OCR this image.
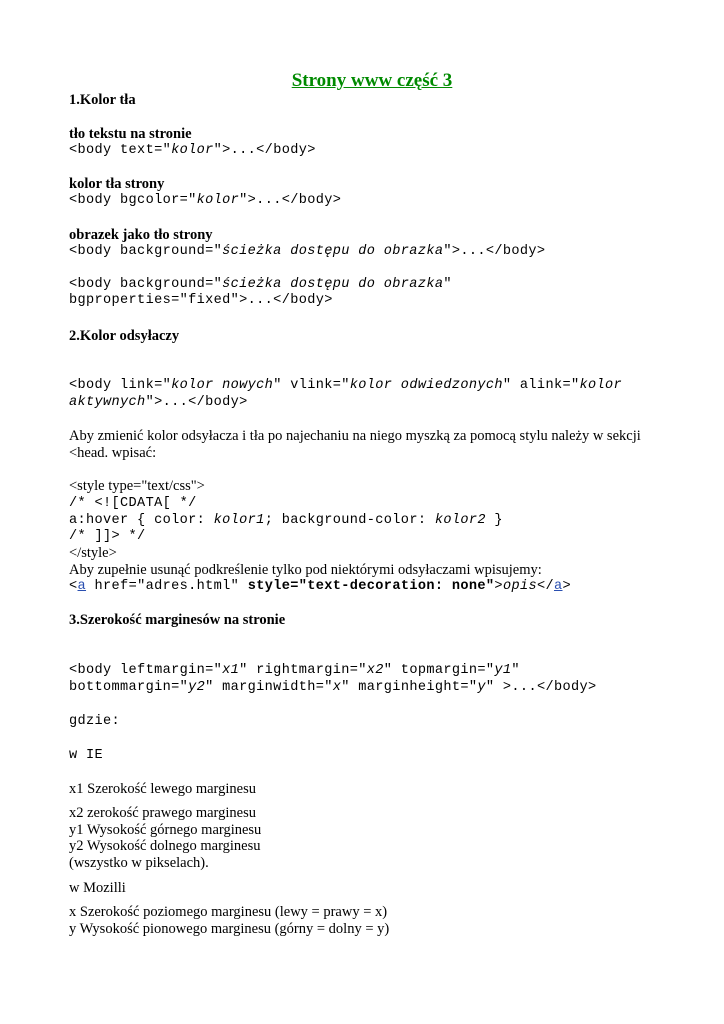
Strony www część 3
1.Kolor tła
tło tekstu na stronie
<body text="kolor">...</body>
kolor tła strony
<body bgcolor="kolor">...</body>
obrazek jako tło strony
<body background="ścieżka dostępu do obrazka">...</body>
<body background="ścieżka dostępu do obrazka"
bgproperties="fixed">...</body>
2.Kolor odsyłaczy
<body link="kolor nowych" vlink="kolor odwiedzonych" alink="kolor
aktywnych">...</body>
Aby zmienić kolor odsyłacza i tła po najechaniu na niego myszką za pomocą stylu należy w sekcji
<head. wpisać:
<style type="text/css">
/* <![CDATA[ */
a:hover { color: kolor1; background-color: kolor2 }
/* ]]> */
</style>
Aby zupełnie usunąć podkreślenie tylko pod niektórymi odsyłaczami wpisujemy:
<a href="adres.html" style="text-decoration: none">opis</a>
3.Szerokość marginesów na stronie
<body leftmargin="x1" rightmargin="x2" topmargin="y1"
bottommargin="y2" marginwidth="x" marginheight="y" >...</body>
gdzie:
w IE
x1 Szerokość lewego marginesu
x2 zerokość prawego marginesu
y1 Wysokość górnego marginesu
y2 Wysokość dolnego marginesu
(wszystko w pikselach).
w Mozilli
x Szerokość poziomego marginesu (lewy = prawy = x)
y Wysokość pionowego marginesu (górny = dolny = y)
